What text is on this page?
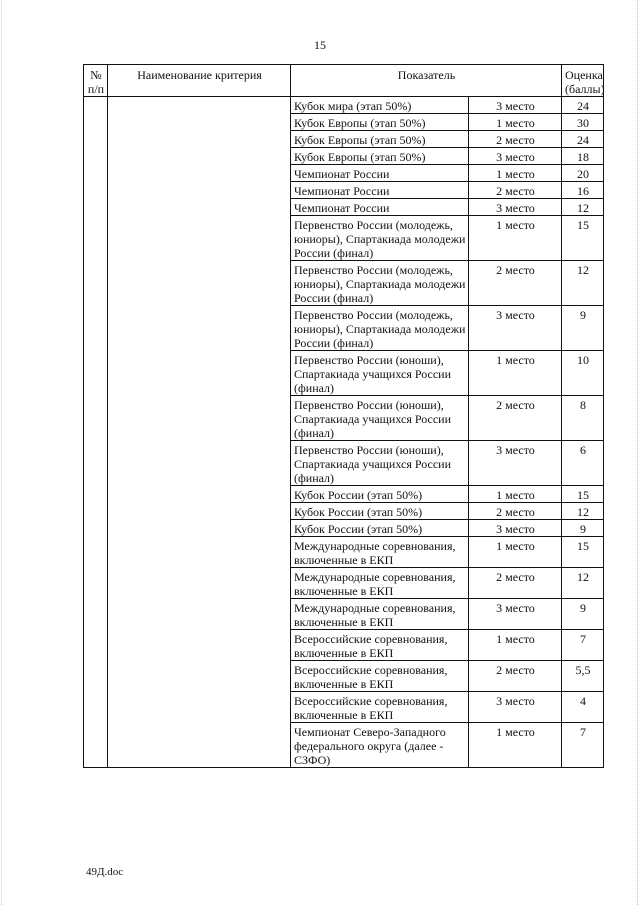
15
№ п/п	Наименование критерия	Показатель		Оценка (баллы)
		Кубок мира (этап 50%)	3 место	24
		Кубок Европы (этап 50%)	1 место	30
		Кубок Европы (этап 50%)	2 место	24
		Кубок Европы (этап 50%)	3 место	18
		Чемпионат России	1 место	20
		Чемпионат России	2 место	16
		Чемпионат России	3 место	12
		Первенство России (молодежь, юниоры), Спартакиада молодежи России (финал)	1 место	15
		Первенство России (молодежь, юниоры), Спартакиада молодежи России (финал)	2 место	12
		Первенство России (молодежь, юниоры), Спартакиада молодежи России (финал)	3 место	9
		Первенство России (юноши), Спартакиада учащихся России (финал)	1 место	10
		Первенство России (юноши), Спартакиада учащихся России (финал)	2 место	8
		Первенство России (юноши), Спартакиада учащихся России (финал)	3 место	6
		Кубок России (этап 50%)	1 место	15
		Кубок России (этап 50%)	2 место	12
		Кубок России (этап 50%)	3 место	9
		Международные соревнования, включенные в ЕКП	1 место	15
		Международные соревнования, включенные в ЕКП	2 место	12
		Международные соревнования, включенные в ЕКП	3 место	9
		Всероссийские соревнования, включенные в ЕКП	1 место	7
		Всероссийские соревнования, включенные в ЕКП	2 место	5,5
		Всероссийские соревнования, включенные в ЕКП	3 место	4
		Чемпионат Северо-Западного федерального округа (далее - СЗФО)	1 место	7
49Д.doc
